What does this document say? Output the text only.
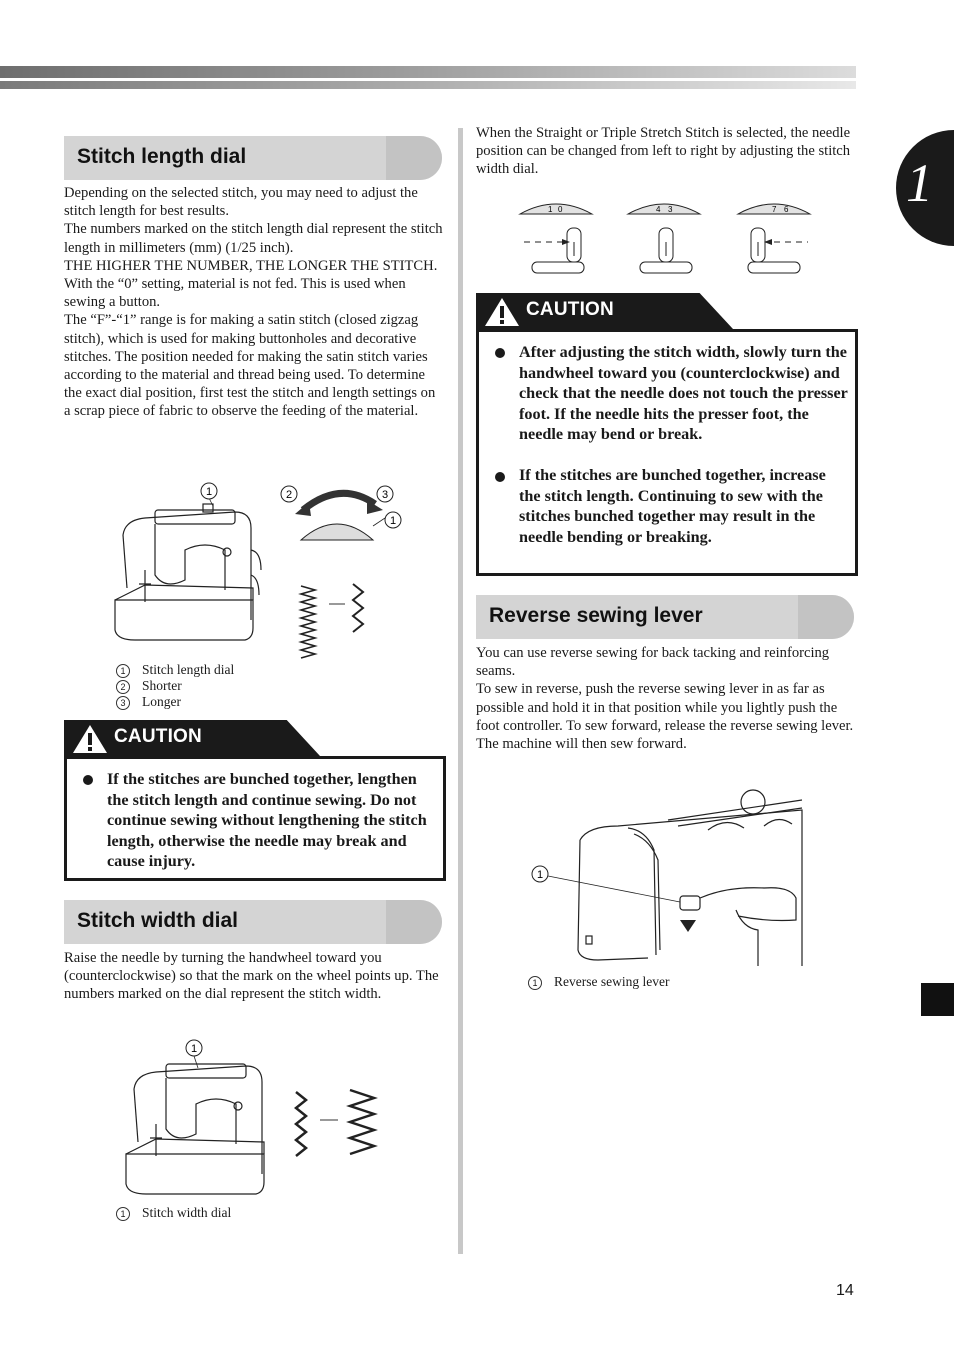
1
Stitch length dial
Depending on the selected stitch, you may need to adjust the stitch length for best results.
The numbers marked on the stitch length dial represent the stitch length in millimeters (mm) (1/25 inch).
THE HIGHER THE NUMBER, THE LONGER THE STITCH. With the “0” setting, material is not fed. This is used when sewing a button.
The “F”-“1” range is for making a satin stitch (closed zigzag stitch), which is used for making buttonholes and decorative stitches. The position needed for making the satin stitch varies according to the material and thread being used. To determine the exact dial position, first test the stitch and length settings on a scrap piece of fabric to observe the feeding of the material.
1	2	3
1
1 Stitch length dial
2 Shorter
3 Longer
CAUTION
If the stitches are bunched together, lengthen the stitch length and continue sewing. Do not continue sewing without lengthening the stitch length, otherwise the needle may break and cause injury.
Stitch width dial
Raise the needle by turning the handwheel toward you (counterclockwise) so that the mark on the wheel points up. The numbers marked on the dial represent the stitch width.
1
1 Stitch width dial
When the Straight or Triple Stretch Stitch is selected, the needle position can be changed from left to right by adjusting the stitch width dial.
1 0	4 3	7 6
CAUTION
After adjusting the stitch width, slowly turn the handwheel toward you (counterclockwise) and check that the needle does not touch the presser foot. If the needle hits the presser foot, the needle may bend or break.
If the stitches are bunched together, increase the stitch length. Continuing to sew with the stitches bunched together may result in the needle bending or breaking.
Reverse sewing lever
You can use reverse sewing for back tacking and reinforcing seams.
To sew in reverse, push the reverse sewing lever in as far as possible and hold it in that position while you lightly push the foot controller. To sew forward, release the reverse sewing lever. The machine will then sew forward.
1
1 Reverse sewing lever
14
